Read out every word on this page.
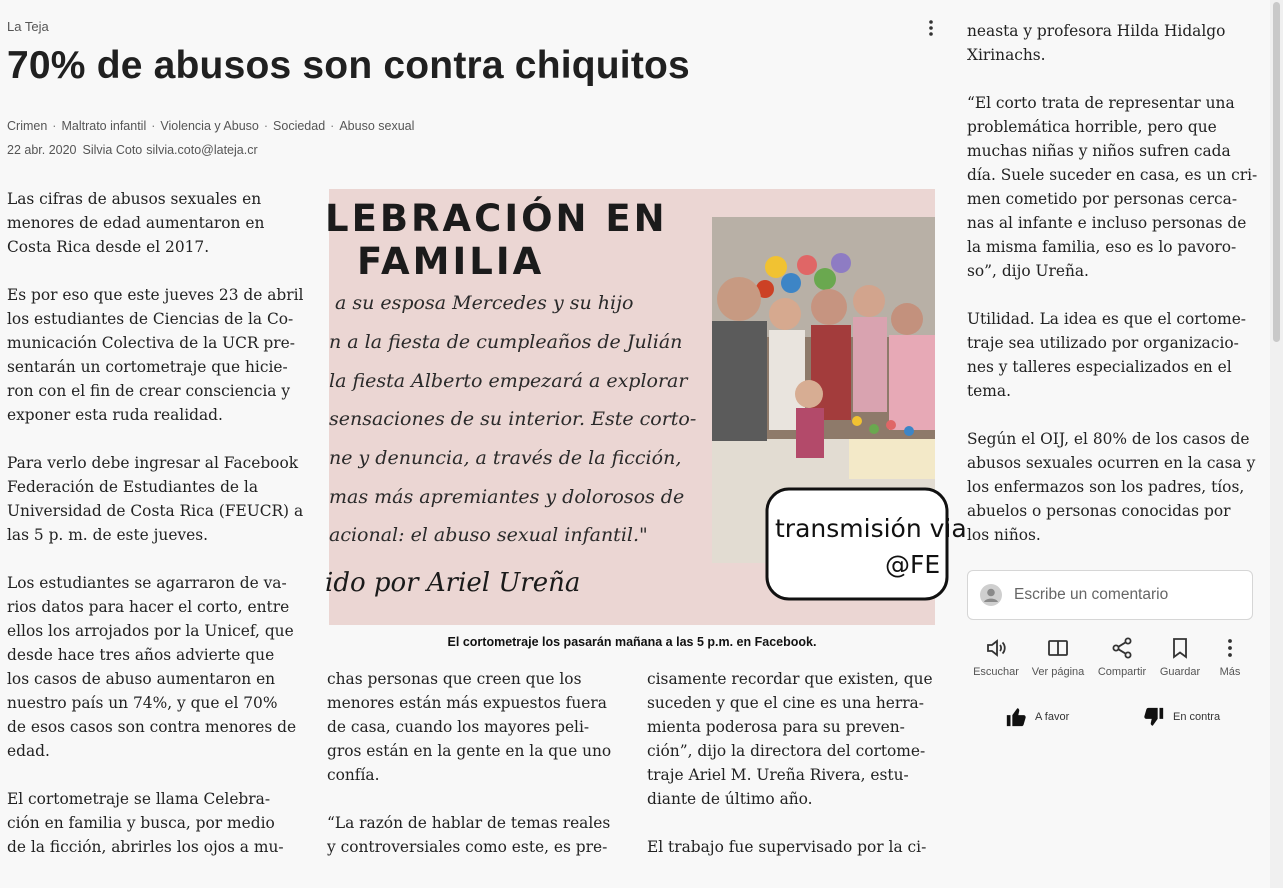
La Teja
70% de abusos son contra chiquitos
Crimen · Maltrato infantil · Violencia y Abuso · Sociedad · Abuso sexual
22 abr. 2020 Silvia Coto silvia.coto@lateja.cr

Las cifras de abusos sexuales en
menores de edad aumentaron en
Costa Rica desde el 2017.

Es por eso que este jueves 23 de abril
los estudiantes de Ciencias de la Co-
municación Colectiva de la UCR pre-
sentarán un cortometraje que hicie-
ron con el fin de crear consciencia y
exponer esta ruda realidad.

Para verlo debe ingresar al Facebook
Federación de Estudiantes de la
Universidad de Costa Rica (FEUCR) a
las 5 p. m. de este jueves.

Los estudiantes se agarraron de va-
rios datos para hacer el corto, entre
ellos los arrojados por la Unicef, que
desde hace tres años advierte que
los casos de abuso aumentaron en
nuestro país un 74%, y que el 70%
de esos casos son contra menores de
edad.

El cortometraje se llama Celebra-
ción en familia y busca, por medio
de la ficción, abrirles los ojos a mu-

chas personas que creen que los
menores están más expuestos fuera
de casa, cuando los mayores peli-
gros están en la gente en la que uno
confía.

“La razón de hablar de temas reales
y controversiales como este, es pre-

cisamente recordar que existen, que
suceden y que el cine es una herra-
mienta poderosa para su preven-
ción”, dijo la directora del cortome-
traje Ariel M. Ureña Rivera, estu-
diante de último año.

El trabajo fue supervisado por la ci-

neasta y profesora Hilda Hidalgo
Xirinachs.

“El corto trata de representar una
problemática horrible, pero que
muchas niñas y niños sufren cada
día. Suele suceder en casa, es un cri-
men cometido por personas cerca-
nas al infante e incluso personas de
la misma familia, eso es lo pavoro-
so”, dijo Ureña.

Utilidad. La idea es que el cortome-
traje sea utilizado por organizacio-
nes y talleres especializados en el
tema.

Según el OIJ, el 80% de los casos de
abusos sexuales ocurren en la casa y
los enfermazos son los padres, tíos,
abuelos o personas conocidas por
los niños.

LEBRACIÓN EN
FAMILIA
a su esposa Mercedes y su hijo
n a la fiesta de cumpleaños de Julián
la fiesta Alberto empezará a explorar
sensaciones de su interior. Este corto-
ne y denuncia, a través de la ficción,
mas más apremiantes y dolorosos de
acional: el abuso sexual infantil."
ido por Ariel Ureña
transmisión via
@FE
El cortometraje los pasarán mañana a las 5 p.m. en Facebook.
Escribe un comentario
Escuchar	Ver página	Compartir	Guardar	Más
A favor	En contra
